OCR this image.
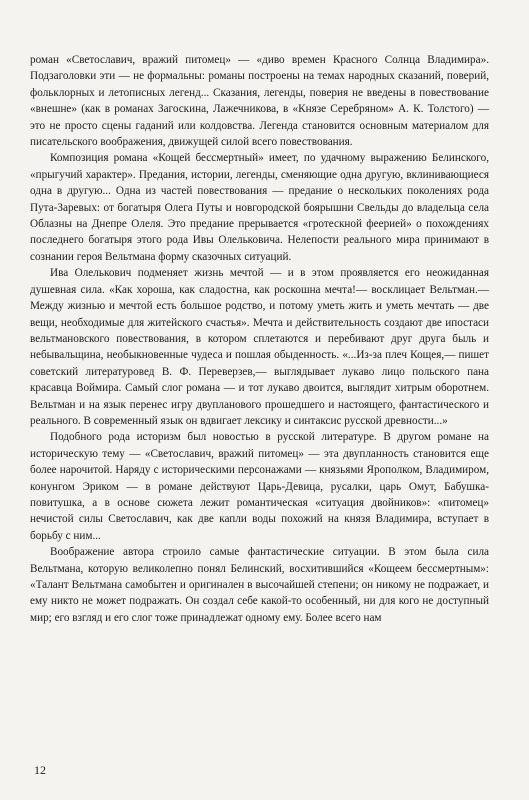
роман «Светославич, вражий питомец» — «диво времен Красного Солнца Владимира». Подзаголовки эти — не формальны: романы построены на темах народных сказаний, поверий, фольклорных и летописных легенд... Сказания, легенды, поверия не введены в повествование «внешне» (как в романах Загоскина, Лажечникова, в «Князе Серебряном» А. К. Толстого) — это не просто сцены гаданий или колдовства. Легенда становится основным материалом для писательского воображения, движущей силой всего повествования.

Композиция романа «Кощей бессмертный» имеет, по удачному выражению Белинского, «прыгучий характер». Предания, истории, легенды, сменяющие одна другую, вклинивающиеся одна в другую... Одна из частей повествования — предание о нескольких поколениях рода Пута-Заревых: от богатыря Олега Путы и новгородской боярышни Свельды до владельца села Облазны на Днепре Олеля. Это предание прерывается «гротескной феерией» о похождениях последнего богатыря этого рода Ивы Олельковича. Нелепости реального мира принимают в сознании героя Вельтмана форму сказочных ситуаций.

Ива Олелькович подменяет жизнь мечтой — и в этом проявляется его неожиданная душевная сила. «Как хороша, как сладостна, как роскошна мечта!— восклицает Вельтман.— Между жизнью и мечтой есть большое родство, и потому уметь жить и уметь мечтать — две вещи, необходимые для житейского счастья». Мечта и действительность создают две ипостаси вельтмановского повествования, в котором сплетаются и перебивают друг друга быль и небывальщина, необыкновенные чудеса и пошлая обыденность. «...Из-за плеч Кощея,— пишет советский литературовед В. Ф. Переверзев,— выглядывает лукаво лицо польского пана красавца Воймира. Самый слог романа — и тот лукаво двоится, выглядит хитрым оборотнем. Вельтман и на язык перенес игру двупланового прошедшего и настоящего, фантастического и реального. В современный язык он вдвигает лексику и синтаксис русской древности...»

Подобного рода историзм был новостью в русской литературе. В другом романе на историческую тему — «Светославич, вражий питомец» — эта двупланность становится еще более нарочитой. Наряду с историческими персонажами — князьями Ярополком, Владимиром, конунгом Эриком — в романе действуют Царь-Девица, русалки, царь Омут, Бабушка-повитушка, а в основе сюжета лежит романтическая «ситуация двойников»: «питомец» нечистой силы Светославич, как две капли воды похожий на князя Владимира, вступает в борьбу с ним...

Воображение автора строило самые фантастические ситуации. В этом была сила Вельтмана, которую великолепно понял Белинский, восхитившийся «Кощеем бессмертным»: «Талант Вельтмана самобытен и оригинален в высочайшей степени; он никому не подражает, и ему никто не может подражать. Он создал себе какой-то особенный, ни для кого не доступный мир; его взгляд и его слог тоже принадлежат одному ему. Более всего нам

12
